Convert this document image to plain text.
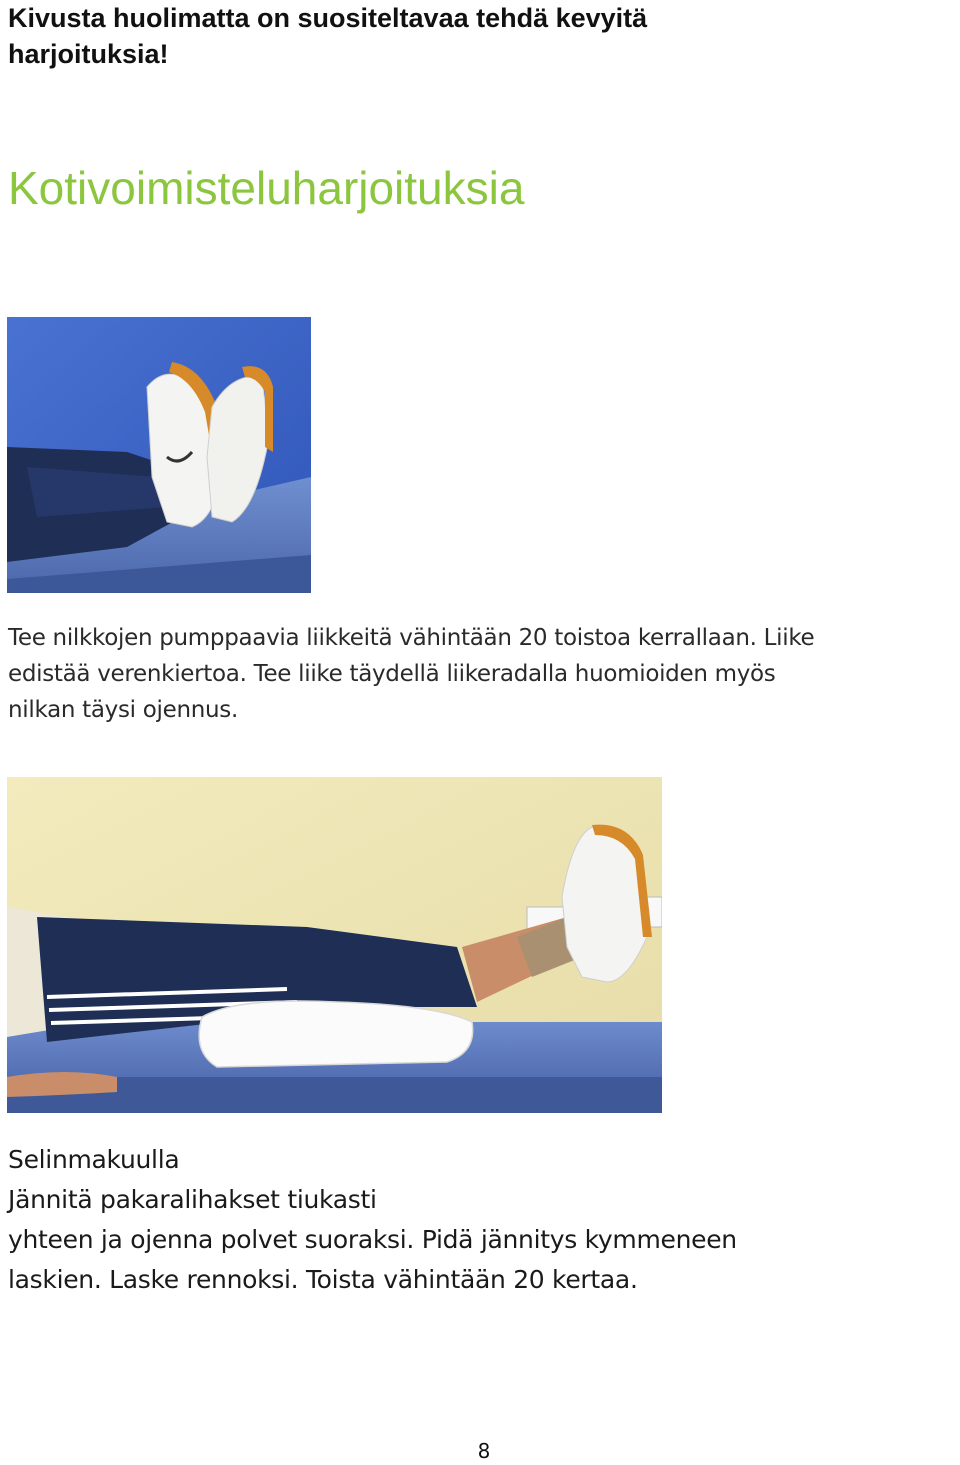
Kivusta huolimatta on suositeltavaa tehdä kevyitä
harjoituksia!
Kotivoimisteluharjoituksia

Tee nilkkojen pumppaavia liikkeitä vähintään 20 toistoa kerrallaan. Liike
edistää verenkiertoa. Tee liike täydellä liikeradalla huomioiden myös
nilkan täysi ojennus.

Selinmakuulla
Jännitä pakaralihakset tiukasti
yhteen ja ojenna polvet suoraksi. Pidä jännitys kymmeneen
laskien. Laske rennoksi. Toista vähintään 20 kertaa.

8
